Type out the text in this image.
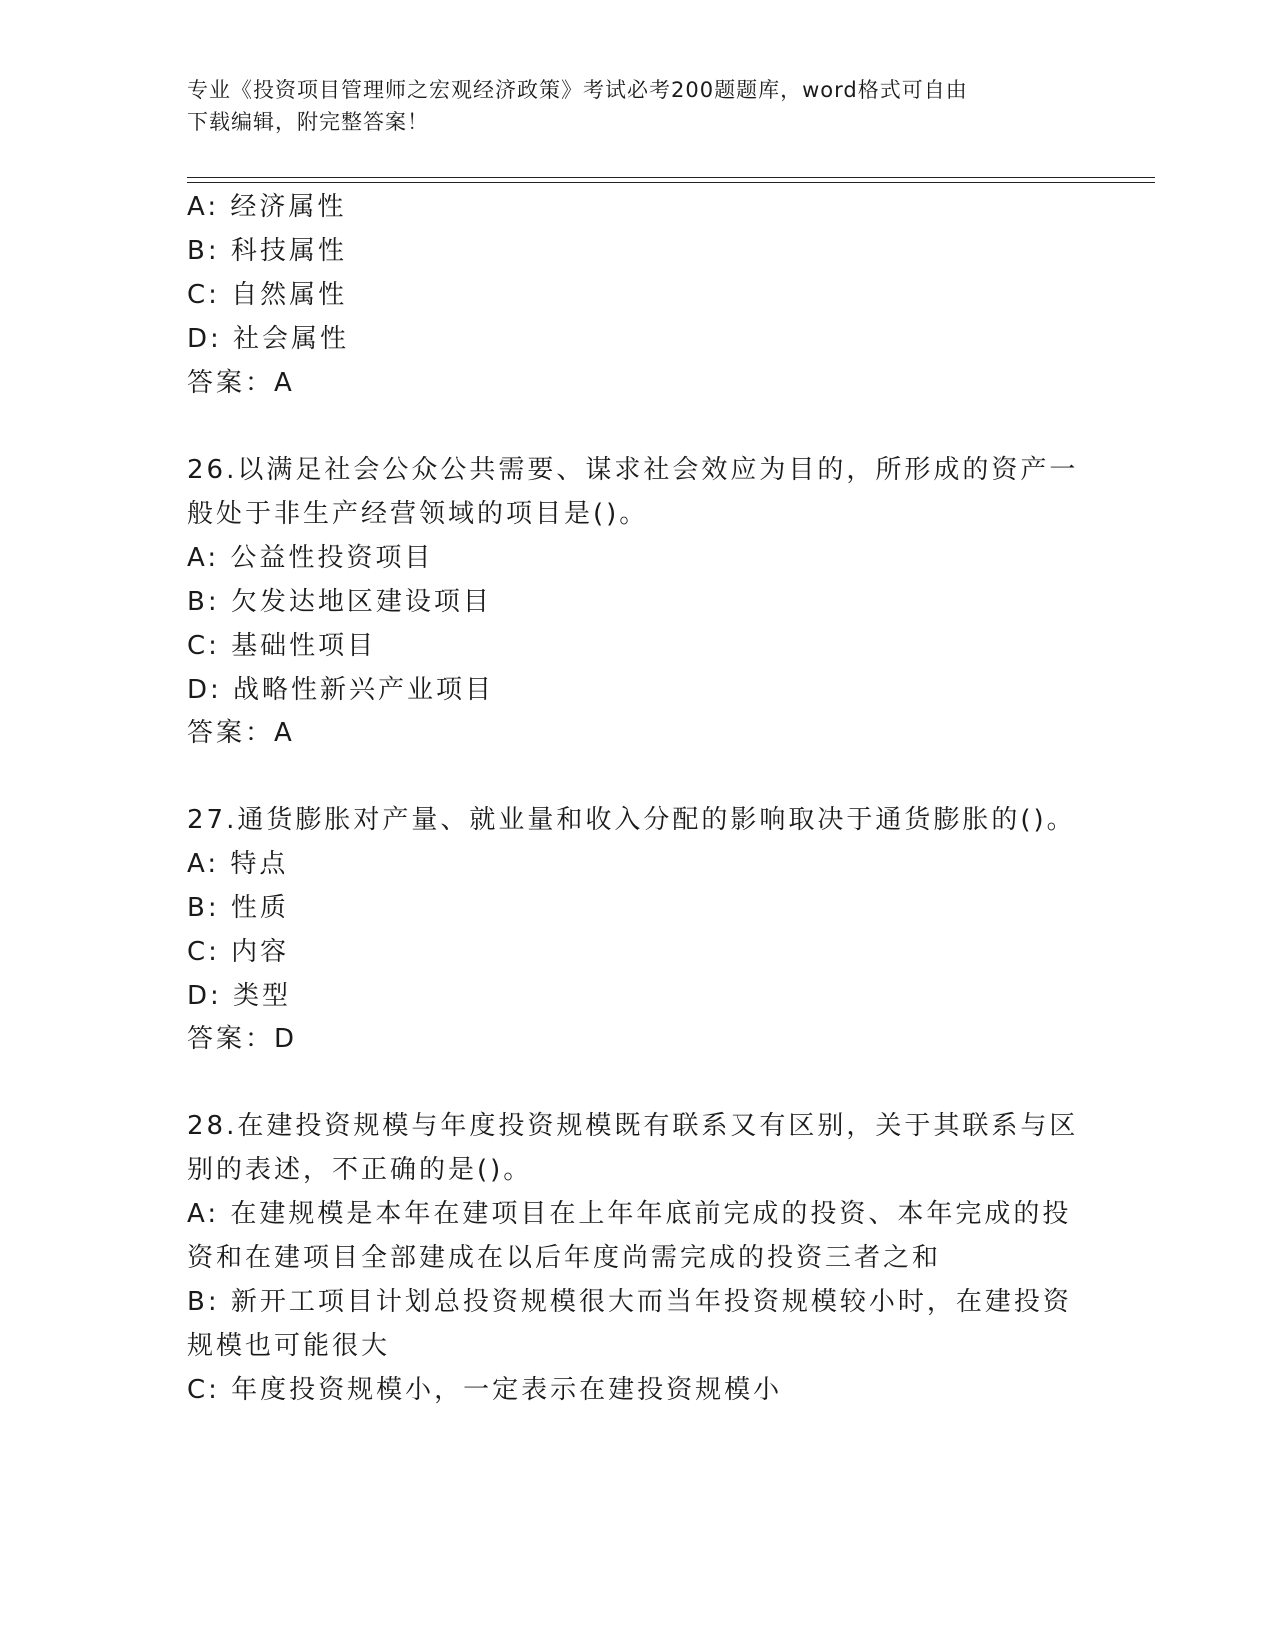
专业《投资项目管理师之宏观经济政策》考试必考200题题库，word格式可自由
下载编辑，附完整答案！
A: 经济属性
B: 科技属性
C: 自然属性
D: 社会属性
答案：A
26.以满足社会公众公共需要、谋求社会效应为目的，所形成的资产一
般处于非生产经营领域的项目是()。
A: 公益性投资项目
B: 欠发达地区建设项目
C: 基础性项目
D: 战略性新兴产业项目
答案：A
27.通货膨胀对产量、就业量和收入分配的影响取决于通货膨胀的()。
A: 特点
B: 性质
C: 内容
D: 类型
答案：D
28.在建投资规模与年度投资规模既有联系又有区别，关于其联系与区
别的表述，不正确的是()。
A: 在建规模是本年在建项目在上年年底前完成的投资、本年完成的投
资和在建项目全部建成在以后年度尚需完成的投资三者之和
B: 新开工项目计划总投资规模很大而当年投资规模较小时，在建投资
规模也可能很大
C: 年度投资规模小，一定表示在建投资规模小
